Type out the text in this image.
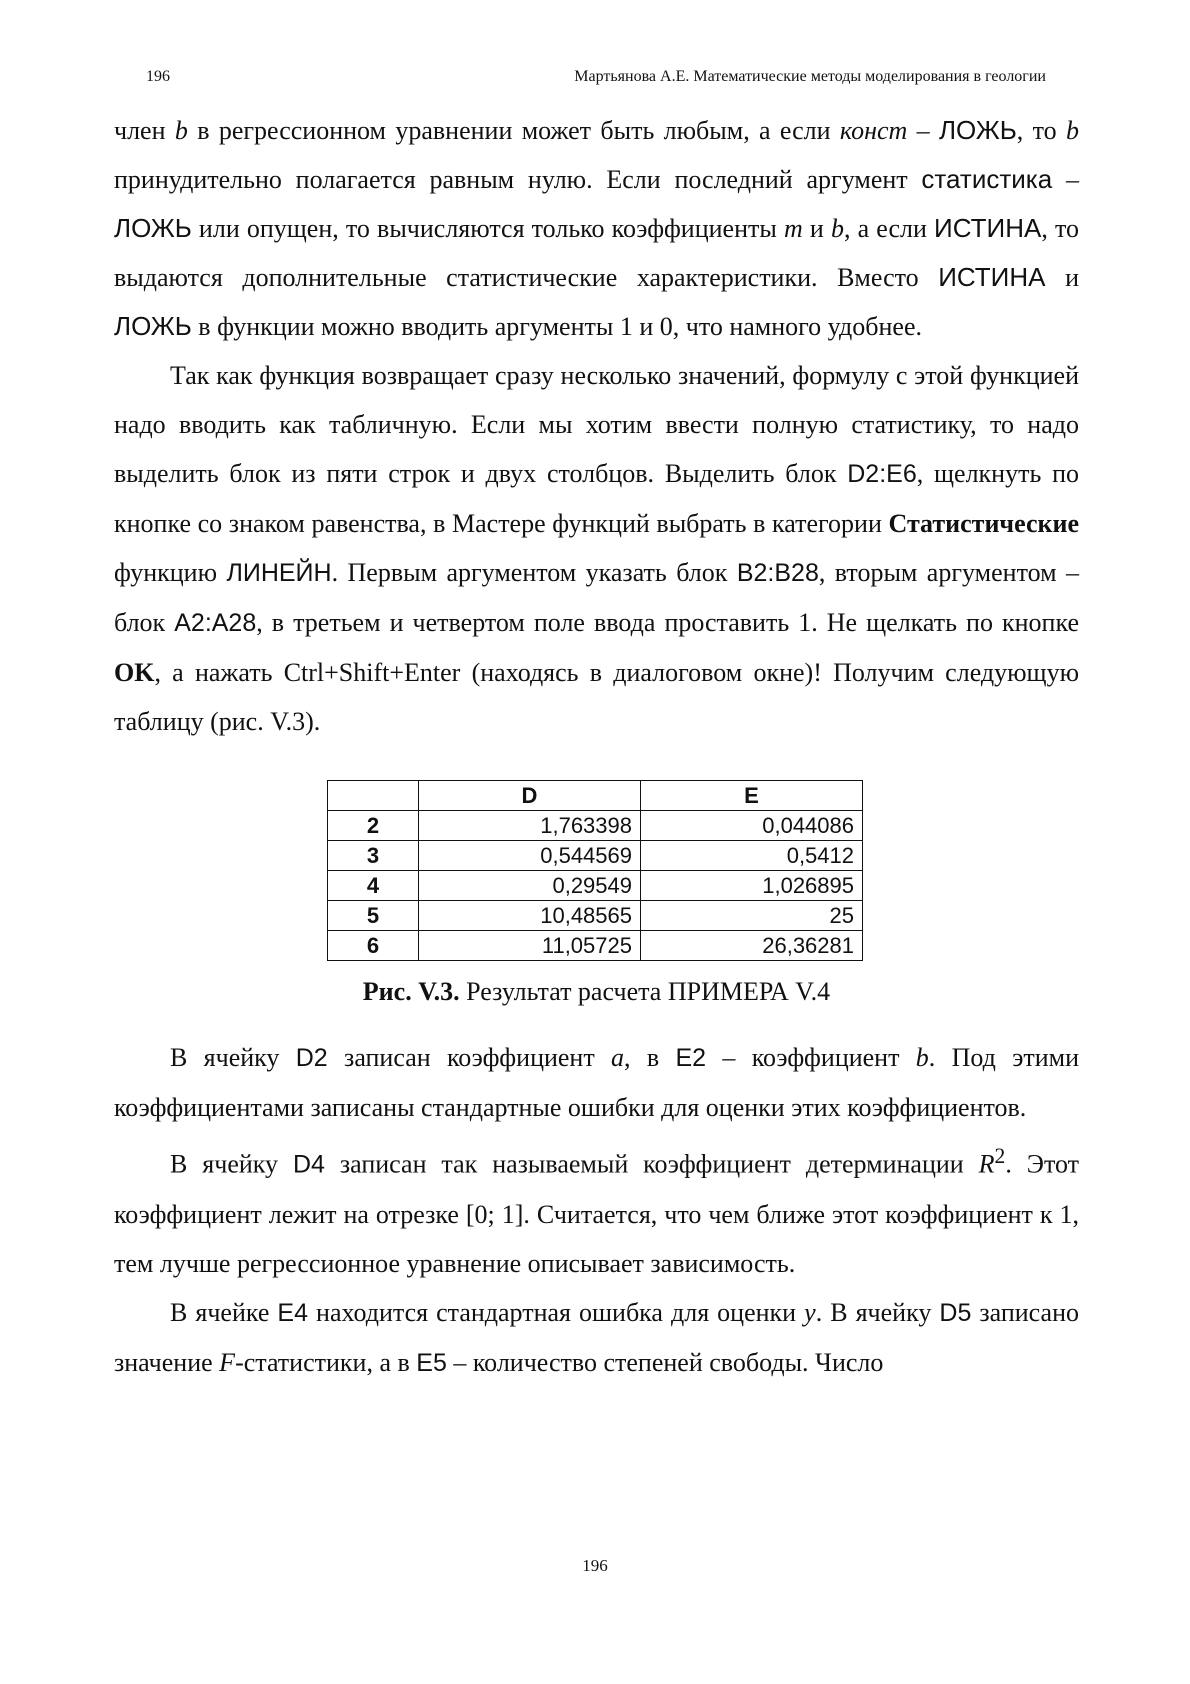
196	Мартьянова А.Е. Математические методы моделирования в геологии

член b в регрессионном уравнении может быть любым, а если конст – ЛОЖЬ, то b принудительно полагается равным нулю. Если последний аргумент статистика – ЛОЖЬ или опущен, то вычисляются только коэффициенты m и b, а если ИСТИНА, то выдаются дополнительные статистические характеристики. Вместо ИСТИНА и ЛОЖЬ в функции можно вводить аргументы 1 и 0, что намного удобнее.

Так как функция возвращает сразу несколько значений, формулу с этой функцией надо вводить как табличную. Если мы хотим ввести полную статистику, то надо выделить блок из пяти строк и двух столбцов. Выделить блок D2:E6, щелкнуть по кнопке со знаком равенства, в Мастере функций выбрать в категории Статистические функцию ЛИНЕЙН. Первым аргументом указать блок B2:B28, вторым аргументом – блок A2:A28, в третьем и четвертом поле ввода проставить 1. Не щелкать по кнопке OK, а нажать Ctrl+Shift+Enter (находясь в диалоговом окне)! Получим следующую таблицу (рис. V.3).

	D	E
2	1,763398	0,044086
3	0,544569	0,5412
4	0,29549	1,026895
5	10,48565	25
6	11,05725	26,36281
Рис. V.3. Результат расчета ПРИМЕРА V.4

В ячейку D2 записан коэффициент a, в E2 – коэффициент b. Под этими коэффициентами записаны стандартные ошибки для оценки этих коэффициентов.

В ячейку D4 записан так называемый коэффициент детерминации $R^2$. Этот коэффициент лежит на отрезке [0; 1]. Считается, что чем ближе этот коэффициент к 1, тем лучше регрессионное уравнение описывает зависимость.

В ячейке E4 находится стандартная ошибка для оценки y. В ячейку D5 записано значение F-статистики, а в E5 – количество степеней свободы. Число

196
